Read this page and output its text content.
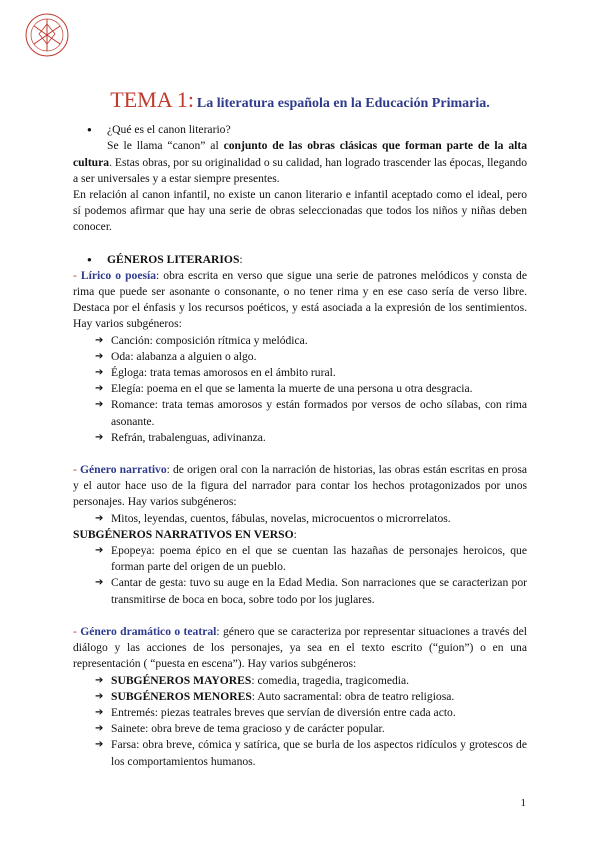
TEMA 1: La literatura española en la Educación Primaria.

● ¿Qué es el canon literario?

Se le llama “canon” al conjunto de las obras clásicas que forman parte de la alta cultura. Estas obras, por su originalidad o su calidad, han logrado trascender las épocas, llegando a ser universales y a estar siempre presentes.

En relación al canon infantil, no existe un canon literario e infantil aceptado como el ideal, pero sí podemos afirmar que hay una serie de obras seleccionadas que todos los niños y niñas deben conocer.

● GÉNEROS LITERARIOS:

- Lírico o poesía: obra escrita en verso que sigue una serie de patrones melódicos y consta de rima que puede ser asonante o consonante, o no tener rima y en ese caso sería de verso libre. Destaca por el énfasis y los recursos poéticos, y está asociada a la expresión de los sentimientos. Hay varios subgéneros:

➔ Canción: composición rítmica y melódica.
➔ Oda: alabanza a alguien o algo.
➔ Égloga: trata temas amorosos en el ámbito rural.
➔ Elegía: poema en el que se lamenta la muerte de una persona u otra desgracia.
➔ Romance: trata temas amorosos y están formados por versos de ocho sílabas, con rima asonante.
➔ Refrán, trabalenguas, adivinanza.

- Género narrativo: de origen oral con la narración de historias, las obras están escritas en prosa y el autor hace uso de la figura del narrador para contar los hechos protagonizados por unos personajes. Hay varios subgéneros:

➔ Mitos, leyendas, cuentos, fábulas, novelas, microcuentos o microrrelatos.

SUBGÉNEROS NARRATIVOS EN VERSO:

➔ Epopeya: poema épico en el que se cuentan las hazañas de personajes heroicos, que forman parte del origen de un pueblo.
➔ Cantar de gesta: tuvo su auge en la Edad Media. Son narraciones que se caracterizan por transmitirse de boca en boca, sobre todo por los juglares.

- Género dramático o teatral: género que se caracteriza por representar situaciones a través del diálogo y las acciones de los personajes, ya sea en el texto escrito (“guion”) o en una representación ( “puesta en escena”). Hay varios subgéneros:

➔ SUBGÉNEROS MAYORES: comedia, tragedia, tragicomedia.
➔ SUBGÉNEROS MENORES: Auto sacramental: obra de teatro religiosa.
➔ Entremés: piezas teatrales breves que servían de diversión entre cada acto.
➔ Sainete: obra breve de tema gracioso y de carácter popular.
➔ Farsa: obra breve, cómica y satírica, que se burla de los aspectos ridículos y grotescos de los comportamientos humanos.
1
